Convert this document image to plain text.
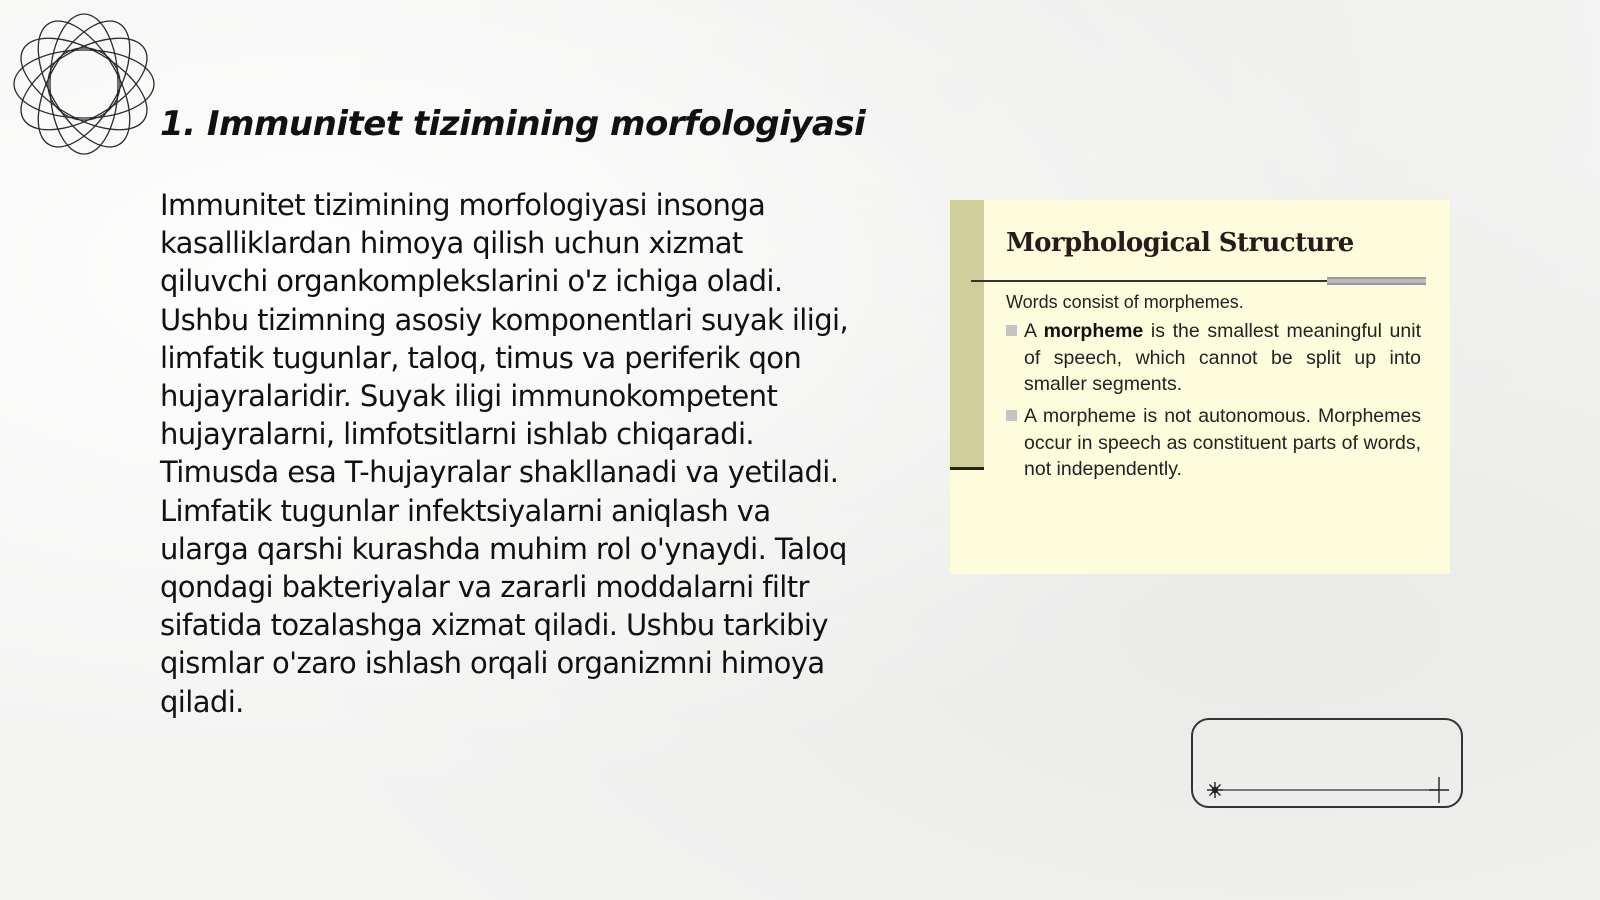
1. Immunitet tizimining morfologiyasi

Immunitet tizimining morfologiyasi insonga kasalliklardan himoya qilish uchun xizmat qiluvchi organkomplekslarini o'z ichiga oladi. Ushbu tizimning asosiy komponentlari suyak iligi, limfatik tugunlar, taloq, timus va periferik qon hujayralaridir. Suyak iligi immunokompetent hujayralarni, limfotsitlarni ishlab chiqaradi. Timusda esa T-hujayralar shakllanadi va yetiladi. Limfatik tugunlar infektsiyalarni aniqlash va ularga qarshi kurashda muhim rol o'ynaydi. Taloq qondagi bakteriyalar va zararli moddalarni filtr sifatida tozalashga xizmat qiladi. Ushbu tarkibiy qismlar o'zaro ishlash orqali organizmni himoya qiladi.

Morphological Structure

Words consist of morphemes.

A morpheme is the smallest meaningful unit of speech, which cannot be split up into smaller segments.

A morpheme is not autonomous. Morphemes occur in speech as constituent parts of words, not independently.
